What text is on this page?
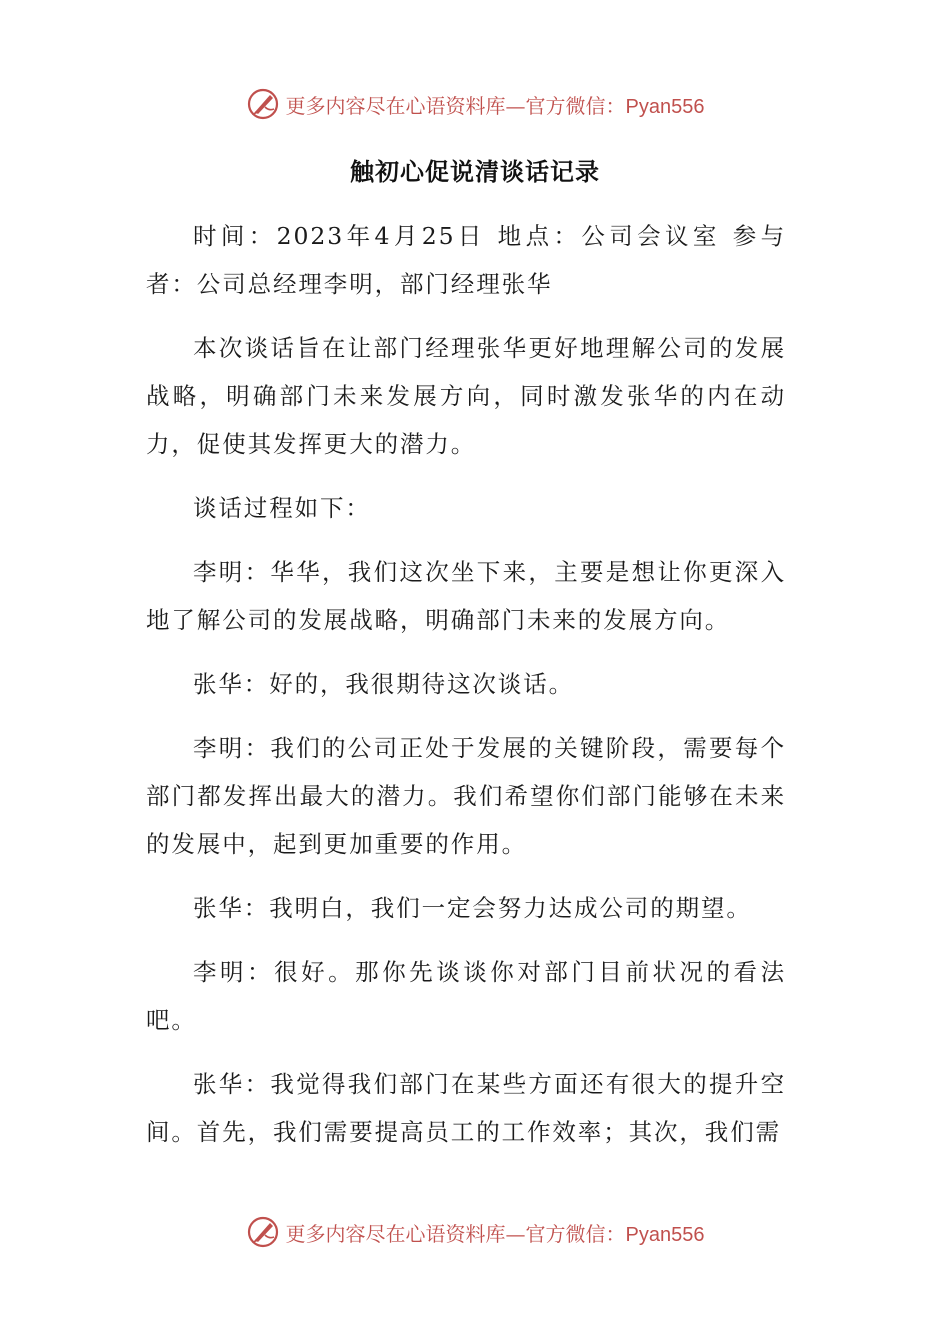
更多内容尽在心语资料库—官方微信：Pyan556
触初心促说清谈话记录

时间：2023年4月25日 地点：公司会议室 参与者：公司总经理李明，部门经理张华

本次谈话旨在让部门经理张华更好地理解公司的发展战略，明确部门未来发展方向，同时激发张华的内在动力，促使其发挥更大的潜力。

谈话过程如下：

李明：华华，我们这次坐下来，主要是想让你更深入地了解公司的发展战略，明确部门未来的发展方向。

张华：好的，我很期待这次谈话。

李明：我们的公司正处于发展的关键阶段，需要每个部门都发挥出最大的潜力。我们希望你们部门能够在未来的发展中，起到更加重要的作用。

张华：我明白，我们一定会努力达成公司的期望。

李明：很好。那你先谈谈你对部门目前状况的看法吧。

张华：我觉得我们部门在某些方面还有很大的提升空间。首先，我们需要提高员工的工作效率；其次，我们需

更多内容尽在心语资料库—官方微信：Pyan556
